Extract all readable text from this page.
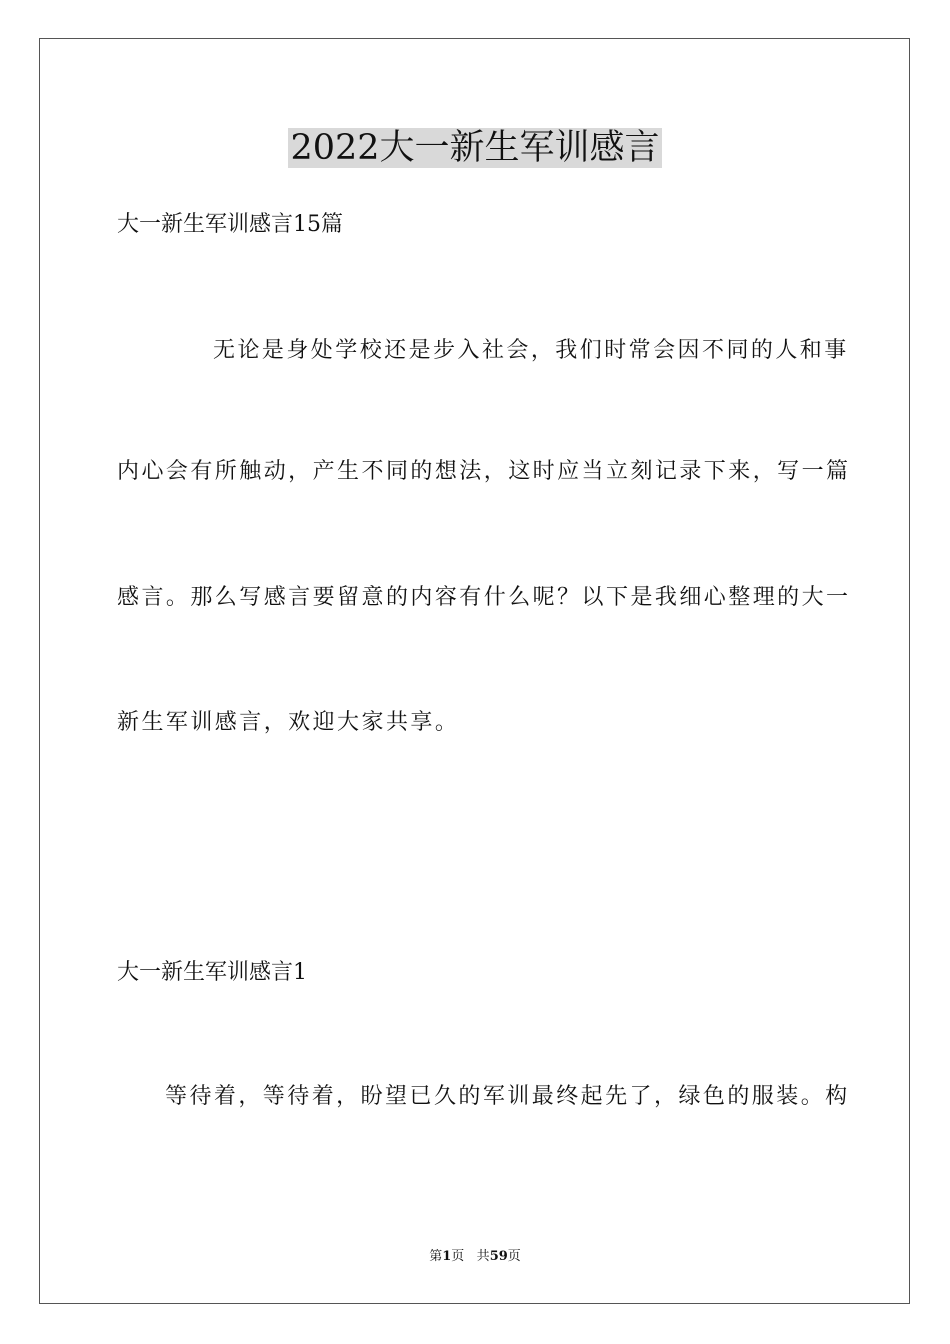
2022大一新生军训感言
大一新生军训感言15篇
无论是身处学校还是步入社会，我们时常会因不同的人和事
内心会有所触动，产生不同的想法，这时应当立刻记录下来，写一篇
感言。那么写感言要留意的内容有什么呢？以下是我细心整理的大一
新生军训感言，欢迎大家共享。
大一新生军训感言1
等待着，等待着，盼望已久的军训最终起先了，绿色的服装。构
第1页 共59页
